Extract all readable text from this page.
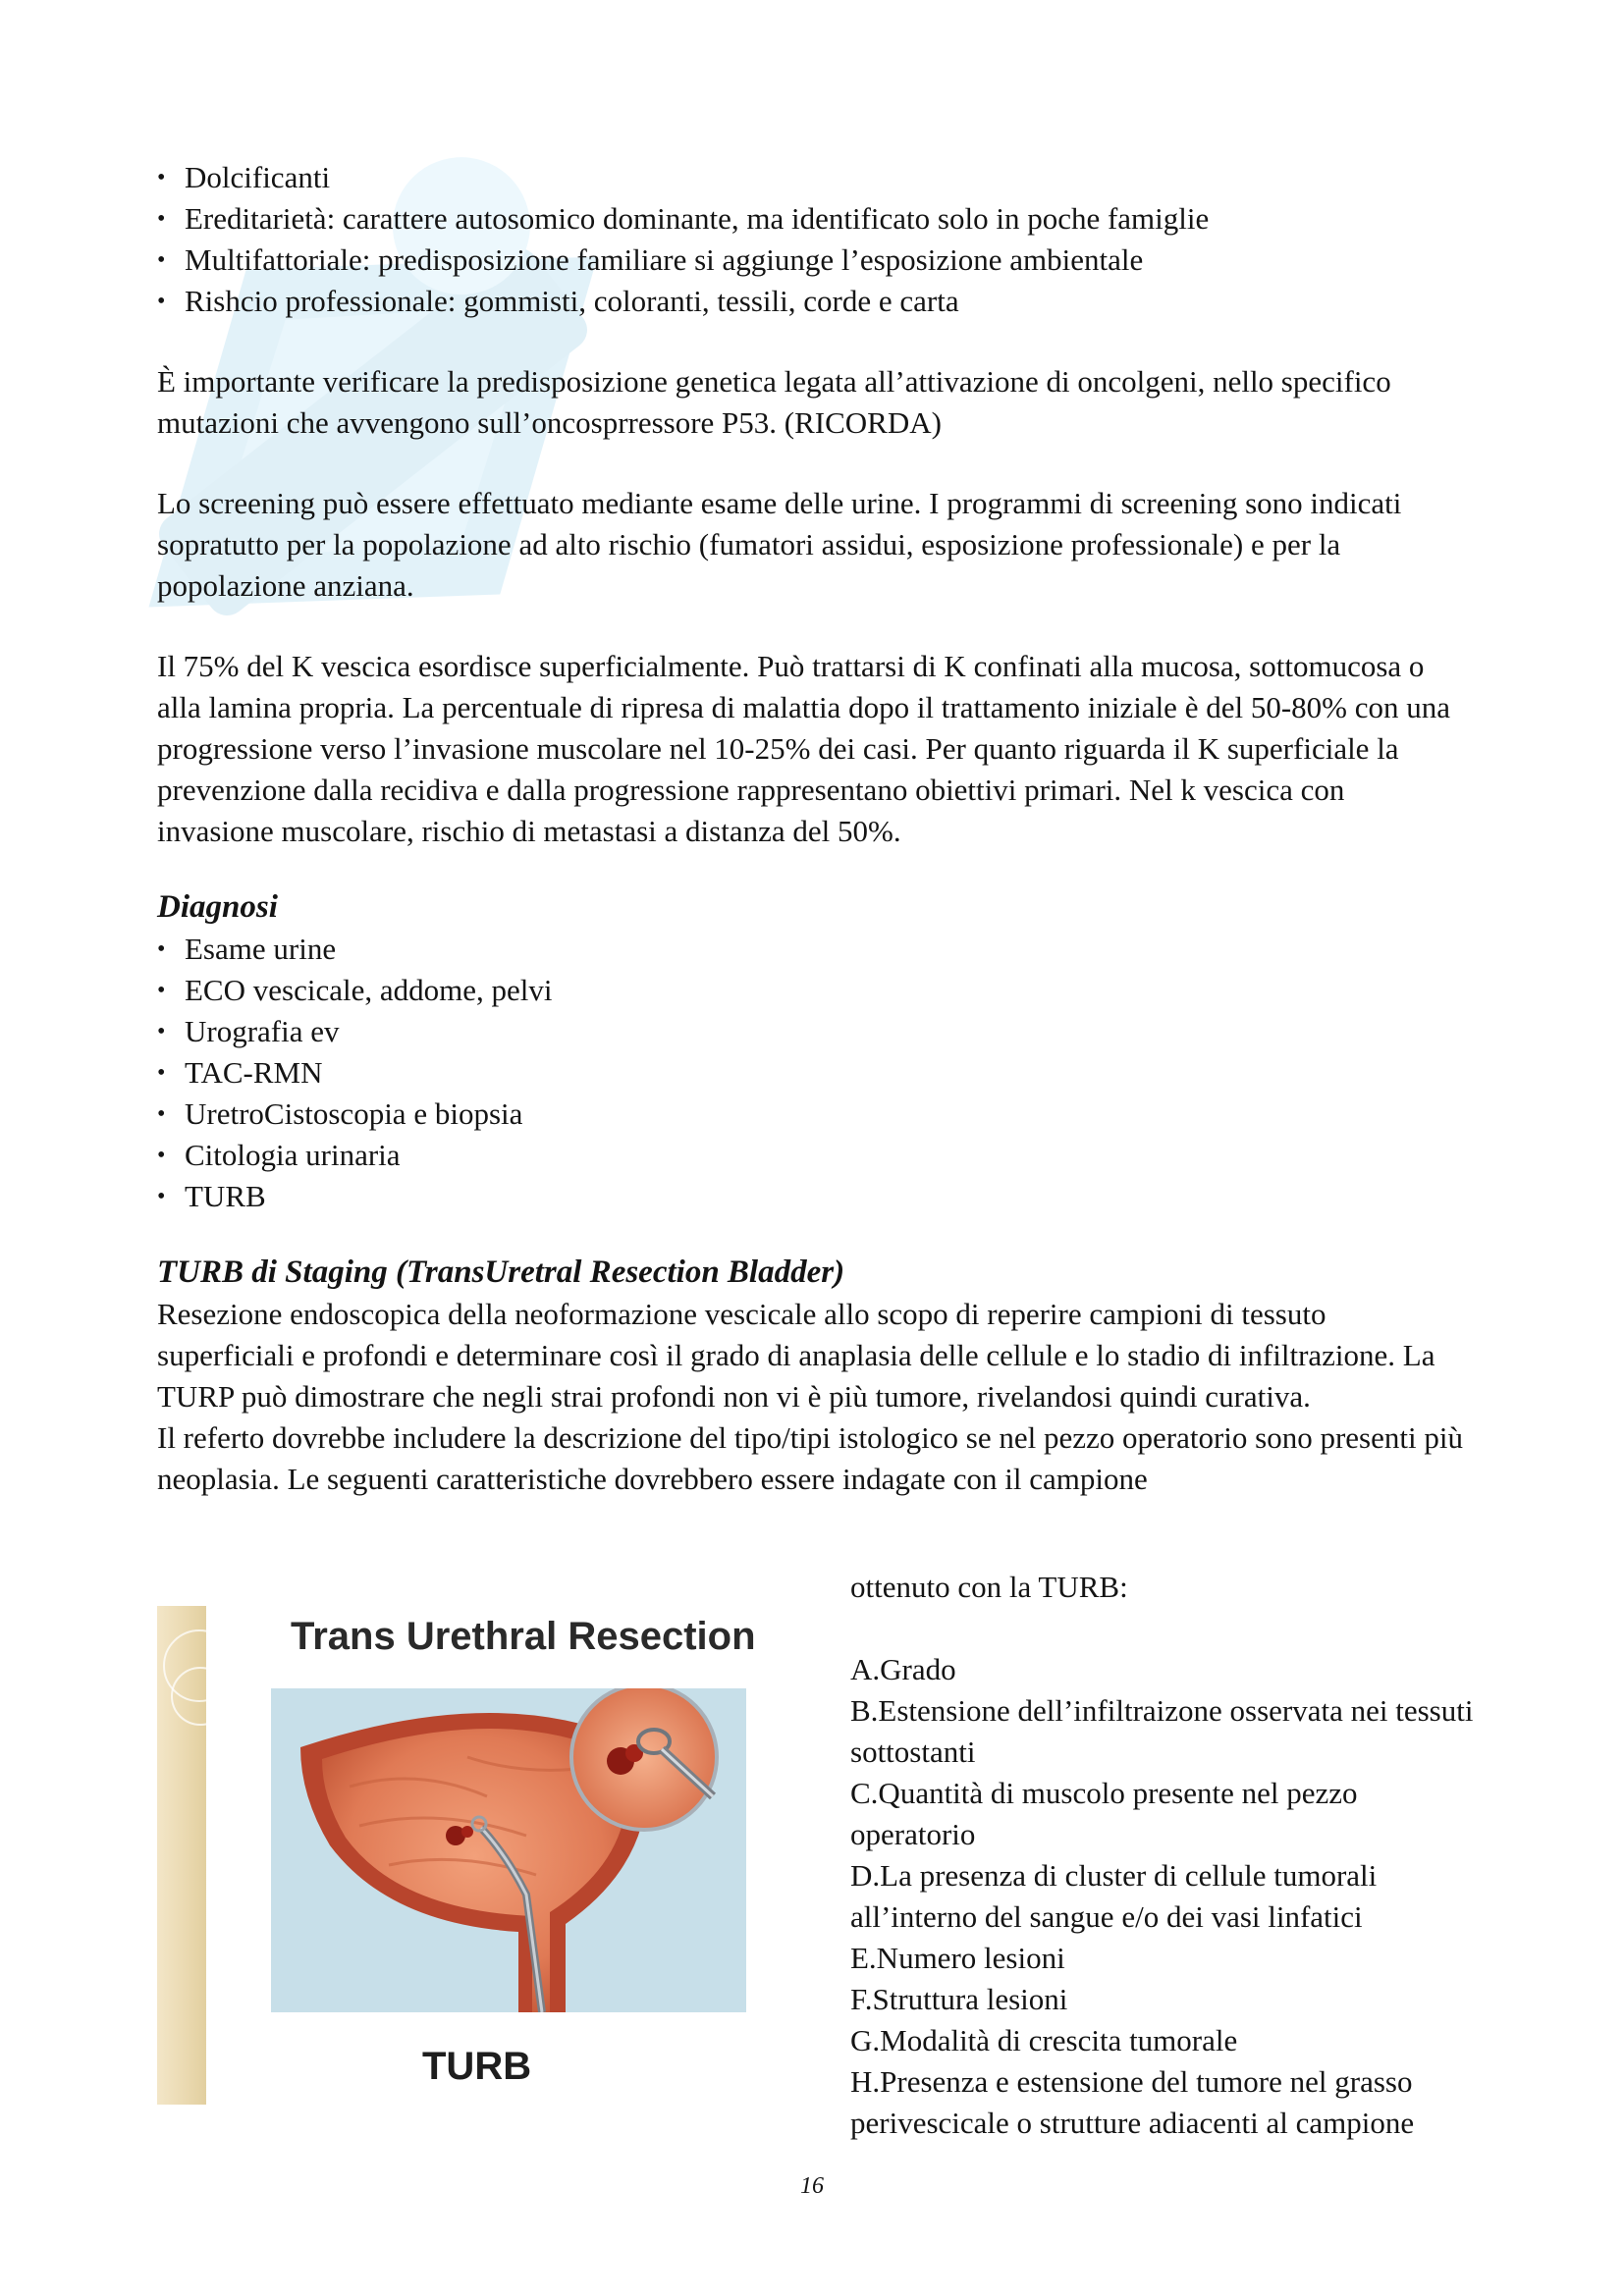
• Dolcificanti
• Ereditarietà: carattere autosomico dominante, ma identificato solo in poche famiglie
• Multifattoriale: predisposizione familiare si aggiunge l’esposizione ambientale
• Rishcio professionale: gommisti, coloranti, tessili, corde e carta

È importante verificare la predisposizione genetica legata all’attivazione di oncolgeni, nello specifico mutazioni che avvengono sull’oncosprressore P53. (RICORDA)

Lo screening può essere effettuato mediante esame delle urine. I programmi di screening sono indicati sopratutto per la popolazione ad alto rischio (fumatori assidui, esposizione professionale) e per la popolazione anziana.

Il 75% del K vescica esordisce superficialmente. Può trattarsi di K confinati alla mucosa, sottomucosa o alla lamina propria. La percentuale di ripresa di malattia dopo il trattamento iniziale è del 50-80% con una progressione verso l’invasione muscolare nel 10-25% dei casi. Per quanto riguarda il K superficiale la prevenzione dalla recidiva e dalla progressione rappresentano obiettivi primari. Nel k vescica con invasione muscolare, rischio di metastasi a distanza del 50%.

Diagnosi
• Esame urine
• ECO vescicale, addome, pelvi
• Urografia ev
• TAC-RMN
• UretroCistoscopia e biopsia
• Citologia urinaria
• TURB
TURB di Staging (TransUretral Resection Bladder)

Resezione endoscopica della neoformazione vescicale allo scopo di reperire campioni di tessuto superficiali e profondi e determinare così il grado di anaplasia delle cellule e lo stadio di infiltrazione. La TURP può dimostrare che negli strai profondi non vi è più tumore, rivelandosi quindi curativa.

Il referto dovrebbe includere la descrizione del tipo/tipi istologico se nel pezzo operatorio sono presenti più neoplasia. Le seguenti caratteristiche dovrebbero essere indagate con il campione

Trans Urethral Resection
TURB

ottenuto con la TURB:

A.Grado
B.Estensione dell’infiltraizone osservata nei tessuti sottostanti
C.Quantità di muscolo presente nel pezzo operatorio
D.La presenza di cluster di cellule tumorali all’interno del sangue e/o dei vasi linfatici
E.Numero lesioni
F.Struttura lesioni
G.Modalità di crescita tumorale
H.Presenza e estensione del tumore nel grasso perivescicale o strutture adiacenti al campione
16
